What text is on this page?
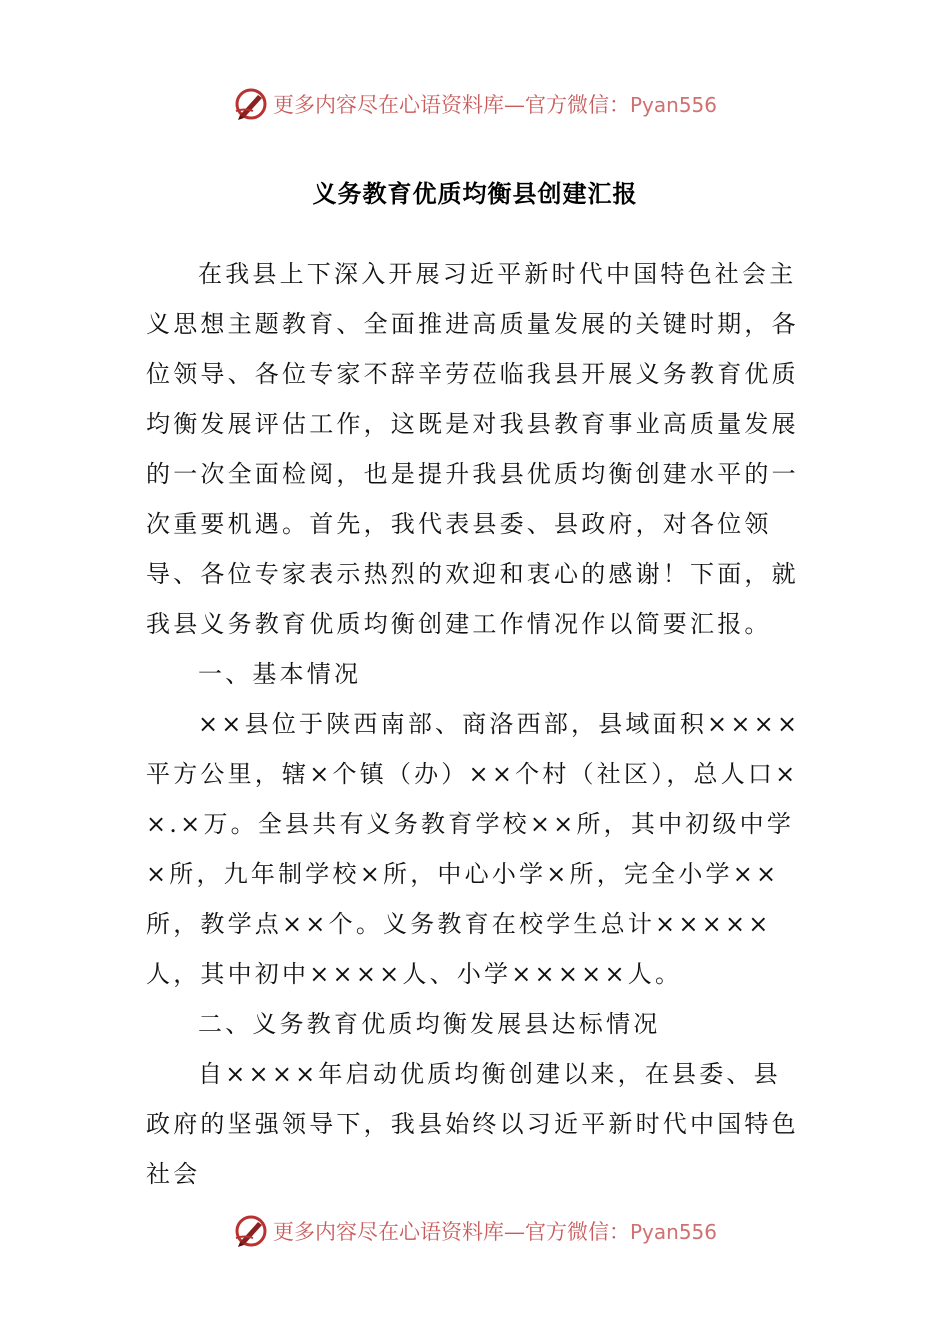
更多内容尽在心语资料库—官方微信：Pyan556
义务教育优质均衡县创建汇报

在我县上下深入开展习近平新时代中国特色社会主义思想主题教育、全面推进高质量发展的关键时期，各位领导、各位专家不辞辛劳莅临我县开展义务教育优质均衡发展评估工作，这既是对我县教育事业高质量发展的一次全面检阅，也是提升我县优质均衡创建水平的一次重要机遇。首先，我代表县委、县政府，对各位领导、各位专家表示热烈的欢迎和衷心的感谢！下面，就我县义务教育优质均衡创建工作情况作以简要汇报。

一、基本情况

××县位于陕西南部、商洛西部，县域面积××××平方公里，辖×个镇（办）××个村（社区），总人口××.×万。全县共有义务教育学校××所，其中初级中学×所，九年制学校×所，中心小学×所，完全小学××所，教学点××个。义务教育在校学生总计×××××人，其中初中××××人、小学×××××人。

二、义务教育优质均衡发展县达标情况

自××××年启动优质均衡创建以来，在县委、县政府的坚强领导下，我县始终以习近平新时代中国特色社会

更多内容尽在心语资料库—官方微信：Pyan556
